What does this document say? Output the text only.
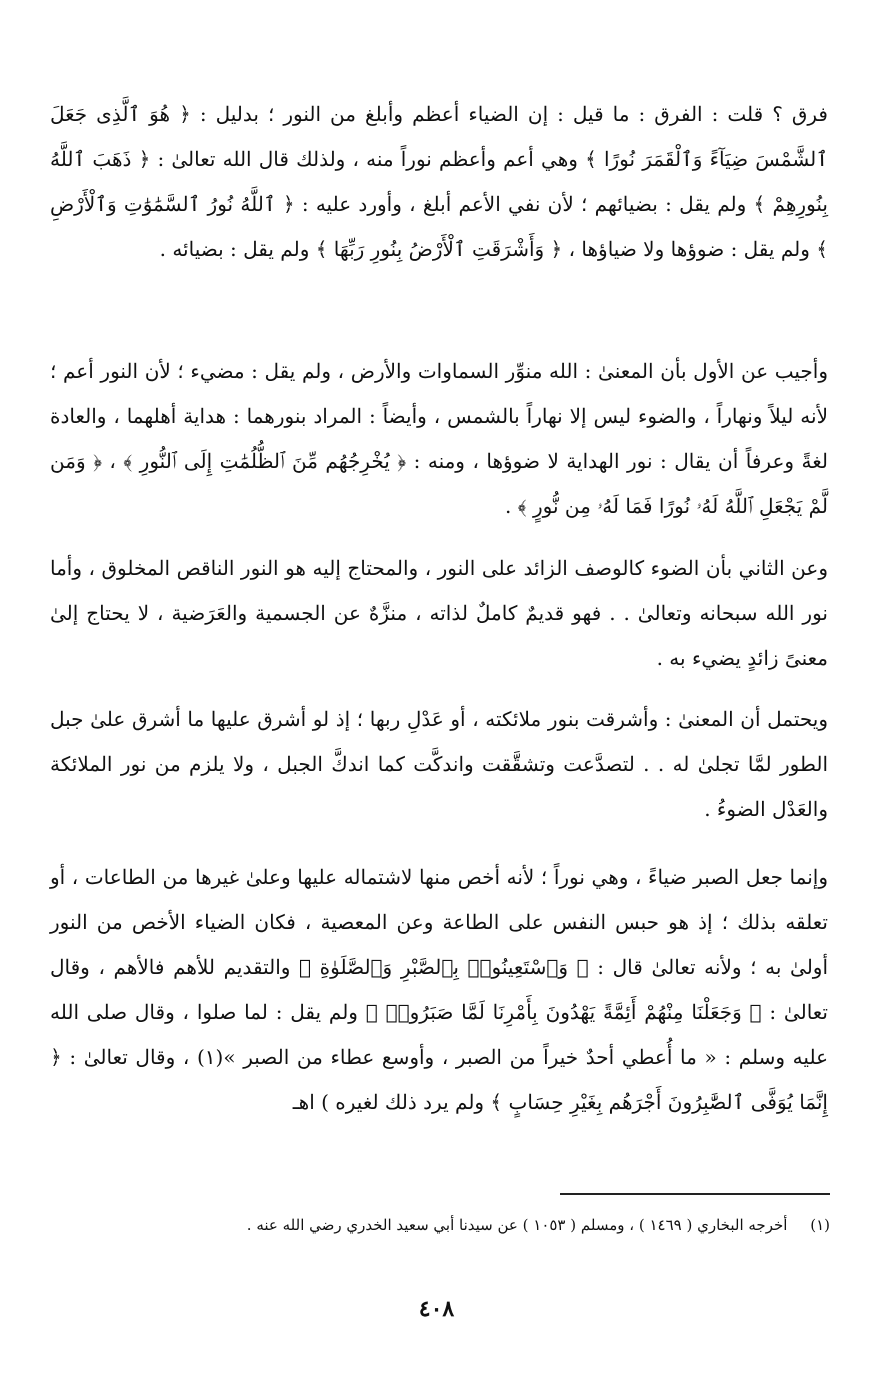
فرق ؟ قلت : الفرق : ما قيل : إن الضياء أعظم وأبلغ من النور ؛ بدليل : ﴿ هُوَ ٱلَّذِى جَعَلَ ٱلشَّمْسَ ضِيَآءً وَٱلْقَمَرَ نُورًا ﴾ وهي أعم وأعظم نوراً منه ، ولذلك قال الله تعالىٰ : ﴿ ذَهَبَ ٱللَّهُ بِنُورِهِمْ ﴾ ولم يقل : بضيائهم ؛ لأن نفي الأعم أبلغ ، وأورد عليه : ﴿ ٱللَّهُ نُورُ ٱلسَّمَٰوَٰتِ وَٱلْأَرْضِ ﴾ ولم يقل : ضوؤها ولا ضياؤها ، ﴿ وَأَشْرَقَتِ ٱلْأَرْضُ بِنُورِ رَبِّهَا ﴾ ولم يقل : بضيائه .

وأجيب عن الأول بأن المعنىٰ : الله منوِّر السماوات والأرض ، ولم يقل : مضيء ؛ لأن النور أعم ؛ لأنه ليلاً ونهاراً ، والضوء ليس إلا نهاراً بالشمس ، وأيضاً : المراد بنورهما : هداية أهلهما ، والعادة لغةً وعرفاً أن يقال : نور الهداية لا ضوؤها ، ومنه : ﴿ يُخْرِجُهُم مِّنَ ٱلظُّلُمَٰتِ إِلَى ٱلنُّورِ ﴾ ، ﴿ وَمَن لَّمْ يَجْعَلِ ٱللَّهُ لَهُۥ نُورًا فَمَا لَهُۥ مِن نُّورٍ ﴾ .

وعن الثاني بأن الضوء كالوصف الزائد على النور ، والمحتاج إليه هو النور الناقص المخلوق ، وأما نور الله سبحانه وتعالىٰ . . فهو قديمٌ كاملٌ لذاته ، منزَّهٌ عن الجسمية والعَرَضية ، لا يحتاج إلىٰ معنىً زائدٍ يضيء به .

ويحتمل أن المعنىٰ : وأشرقت بنور ملائكته ، أو عَدْلِ ربها ؛ إذ لو أشرق عليها ما أشرق علىٰ جبل الطور لمَّا تجلىٰ له . . لتصدَّعت وتشقَّقت واندكَّت كما اندكَّ الجبل ، ولا يلزم من نور الملائكة والعَدْل الضوءُ .

وإنما جعل الصبر ضياءً ، وهي نوراً ؛ لأنه أخص منها لاشتماله عليها وعلىٰ غيرها من الطاعات ، أو تعلقه بذلك ؛ إذ هو حبس النفس على الطاعة وعن المعصية ، فكان الضياء الأخص من النور أولىٰ به ؛ ولأنه تعالىٰ قال : ﴿ وَٱسْتَعِينُوا۟ بِٱلصَّبْرِ وَٱلصَّلَوٰةِ ﴾ والتقديم للأهم فالأهم ، وقال تعالىٰ : ﴿ وَجَعَلْنَا مِنْهُمْ أَئِمَّةً يَهْدُونَ بِأَمْرِنَا لَمَّا صَبَرُوا۟ ﴾ ولم يقل : لما صلوا ، وقال صلى الله عليه وسلم : « ما أُعطي أحدٌ خيراً من الصبر ، وأوسع عطاء من الصبر »(١) ، وقال تعالىٰ : ﴿ إِنَّمَا يُوَفَّى ٱلصَّٰبِرُونَ أَجْرَهُم بِغَيْرِ حِسَابٍ ﴾ ولم يرد ذلك لغيره ) اهـ

(١) أخرجه البخاري ( ١٤٦٩ ) ، ومسلم ( ١٠٥٣ ) عن سيدنا أبي سعيد الخدري رضي الله عنه .

٤٠٨
